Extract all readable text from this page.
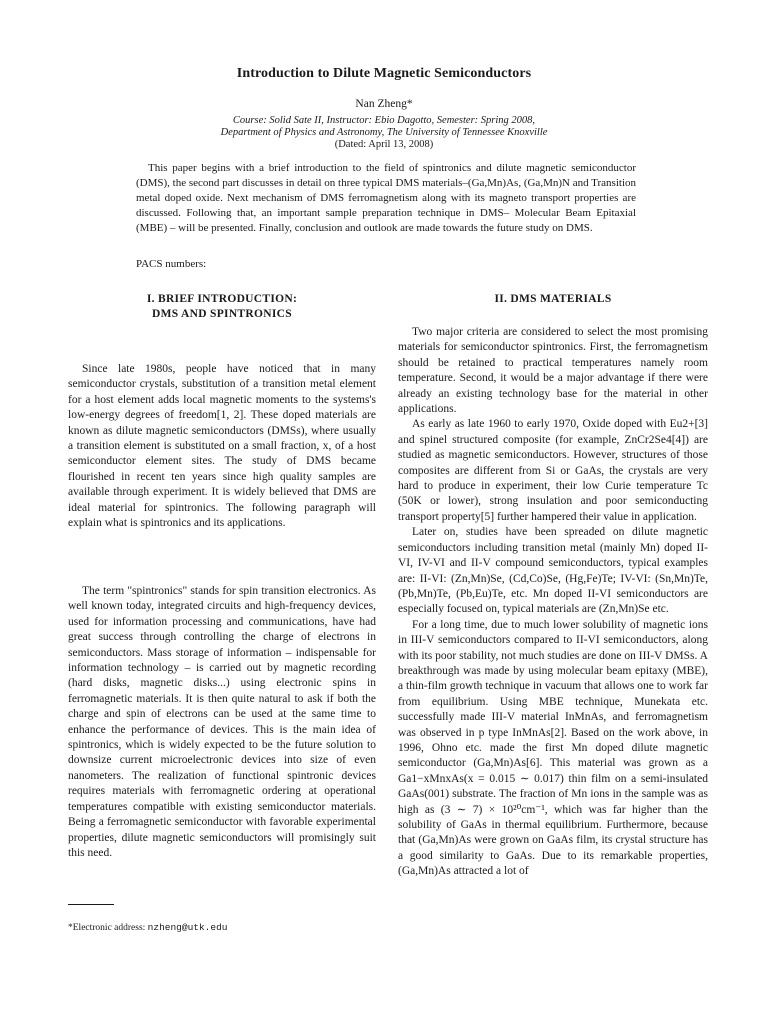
Introduction to Dilute Magnetic Semiconductors
Nan Zheng*
Course: Solid Sate II, Instructor: Ebio Dagotto, Semester: Spring 2008,
Department of Physics and Astronomy, The University of Tennessee Knoxville
(Dated: April 13, 2008)
This paper begins with a brief introduction to the field of spintronics and dilute magnetic semiconductor (DMS), the second part discusses in detail on three typical DMS materials–(Ga,Mn)As, (Ga,Mn)N and Transition metal doped oxide. Next mechanism of DMS ferromagnetism along with its magneto transport properties are discussed. Following that, an important sample preparation technique in DMS– Molecular Beam Epitaxial (MBE) – will be presented. Finally, conclusion and outlook are made towards the future study on DMS.
PACS numbers:
I. BRIEF INTRODUCTION:
DMS AND SPINTRONICS

Since late 1980s, people have noticed that in many semiconductor crystals, substitution of a transition metal element for a host element adds local magnetic moments to the systems's low-energy degrees of freedom[1, 2]. These doped materials are known as dilute magnetic semiconductors (DMSs), where usually a transition element is substituted on a small fraction, x, of a host semiconductor element sites. The study of DMS became flourished in recent ten years since high quality samples are available through experiment. It is widely believed that DMS are ideal material for spintronics. The following paragraph will explain what is spintronics and its applications.

The term "spintronics" stands for spin transition electronics. As well known today, integrated circuits and high-frequency devices, used for information processing and communications, have had great success through controlling the charge of electrons in semiconductors. Mass storage of information – indispensable for information technology – is carried out by magnetic recording (hard disks, magnetic disks...) using electronic spins in ferromagnetic materials. It is then quite natural to ask if both the charge and spin of electrons can be used at the same time to enhance the performance of devices. This is the main idea of spintronics, which is widely expected to be the future solution to downsize current microelectronic devices into size of even nanometers. The realization of functional spintronic devices requires materials with ferromagnetic ordering at operational temperatures compatible with existing semiconductor materials. Being a ferromagnetic semiconductor with favorable experimental properties, dilute magnetic semiconductors will promisingly suit this need.

*Electronic address: nzheng@utk.edu
II. DMS MATERIALS

Two major criteria are considered to select the most promising materials for semiconductor spintronics. First, the ferromagnetism should be retained to practical temperatures namely room temperature. Second, it would be a major advantage if there were already an existing technology base for the material in other applications.

As early as late 1960 to early 1970, Oxide doped with Eu2+[3] and spinel structured composite (for example, ZnCr2Se4[4]) are studied as magnetic semiconductors. However, structures of those composites are different from Si or GaAs, the crystals are very hard to produce in experiment, their low Curie temperature Tc (50K or lower), strong insulation and poor semiconducting transport property[5] further hampered their value in application.

Later on, studies have been spreaded on dilute magnetic semiconductors including transition metal (mainly Mn) doped II-VI, IV-VI and II-V compound semiconductors, typical examples are: II-VI: (Zn,Mn)Se, (Cd,Co)Se, (Hg,Fe)Te; IV-VI: (Sn,Mn)Te, (Pb,Mn)Te, (Pb,Eu)Te, etc. Mn doped II-VI semiconductors are especially focused on, typical materials are (Zn,Mn)Se etc.

For a long time, due to much lower solubility of magnetic ions in III-V semiconductors compared to II-VI semiconductors, along with its poor stability, not much studies are done on III-V DMSs. A breakthrough was made by using molecular beam epitaxy (MBE), a thin-film growth technique in vacuum that allows one to work far from equilibrium. Using MBE technique, Munekata etc. successfully made III-V material InMnAs, and ferromagnetism was observed in p type InMnAs[2]. Based on the work above, in 1996, Ohno etc. made the first Mn doped dilute magnetic semiconductor (Ga,Mn)As[6]. This material was grown as a Ga1−xMnxAs(x = 0.015 ∼ 0.017) thin film on a semi-insulated GaAs(001) substrate. The fraction of Mn ions in the sample was as high as (3 ∼ 7) × 10²⁰cm⁻¹, which was far higher than the solubility of GaAs in thermal equilibrium. Furthermore, because that (Ga,Mn)As were grown on GaAs film, its crystal structure has a good similarity to GaAs. Due to its remarkable properties, (Ga,Mn)As attracted a lot of
